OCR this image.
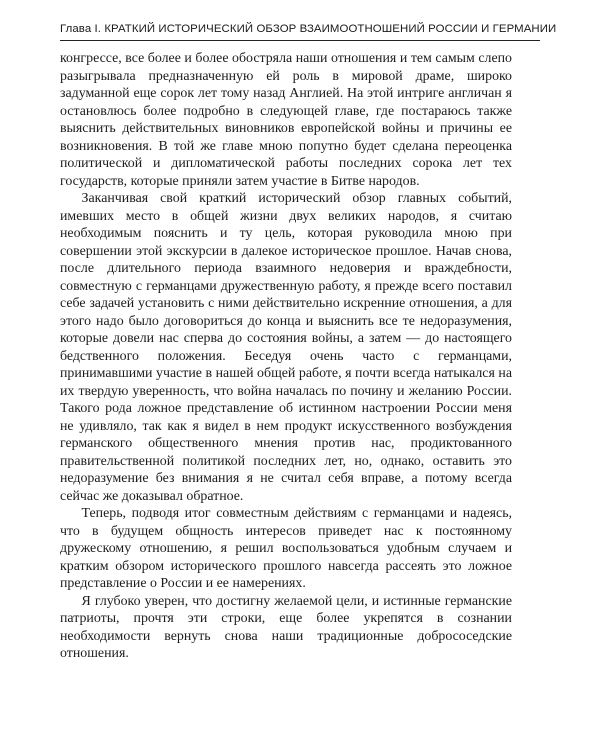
Глава I. КРАТКИЙ ИСТОРИЧЕСКИЙ ОБЗОР ВЗАИМООТНОШЕНИЙ РОССИИ И ГЕРМАНИИ

конгрессе, все более и более обостряла наши отношения и тем самым слепо разыгрывала предназначенную ей роль в мировой драме, широко задуманной еще сорок лет тому назад Англией. На этой интриге англичан я остановлюсь более подробно в следующей главе, где постараюсь также выяснить действительных виновников европейской войны и причины ее возникновения. В той же главе мною попутно будет сделана переоценка политической и дипломатической работы последних сорока лет тех государств, которые приняли затем участие в Битве народов.

Заканчивая свой краткий исторический обзор главных событий, имевших место в общей жизни двух великих народов, я считаю необходимым пояснить и ту цель, которая руководила мною при совершении этой экскурсии в далекое историческое прошлое. Начав снова, после длительного периода взаимного недоверия и враждебности, совместную с германцами дружественную работу, я прежде всего поставил себе задачей установить с ними действительно искренние отношения, а для этого надо было договориться до конца и выяснить все те недоразумения, которые довели нас сперва до состояния войны, а затем — до настоящего бедственного положения. Беседуя очень часто с германцами, принимавшими участие в нашей общей работе, я почти всегда натыкался на их твердую уверенность, что война началась по почину и желанию России. Такого рода ложное представление об истинном настроении России меня не удивляло, так как я видел в нем продукт искусственного возбуждения германского общественного мнения против нас, продиктованного правительственной политикой последних лет, но, однако, оставить это недоразумение без внимания я не считал себя вправе, а потому всегда сейчас же доказывал обратное.

Теперь, подводя итог совместным действиям с германцами и надеясь, что в будущем общность интересов приведет нас к постоянному дружескому отношению, я решил воспользоваться удобным случаем и кратким обзором исторического прошлого навсегда рассеять это ложное представление о России и ее намерениях.

Я глубоко уверен, что достигну желаемой цели, и истинные германские патриоты, прочтя эти строки, еще более укрепятся в сознании необходимости вернуть снова наши традиционные добрососедские отношения.
